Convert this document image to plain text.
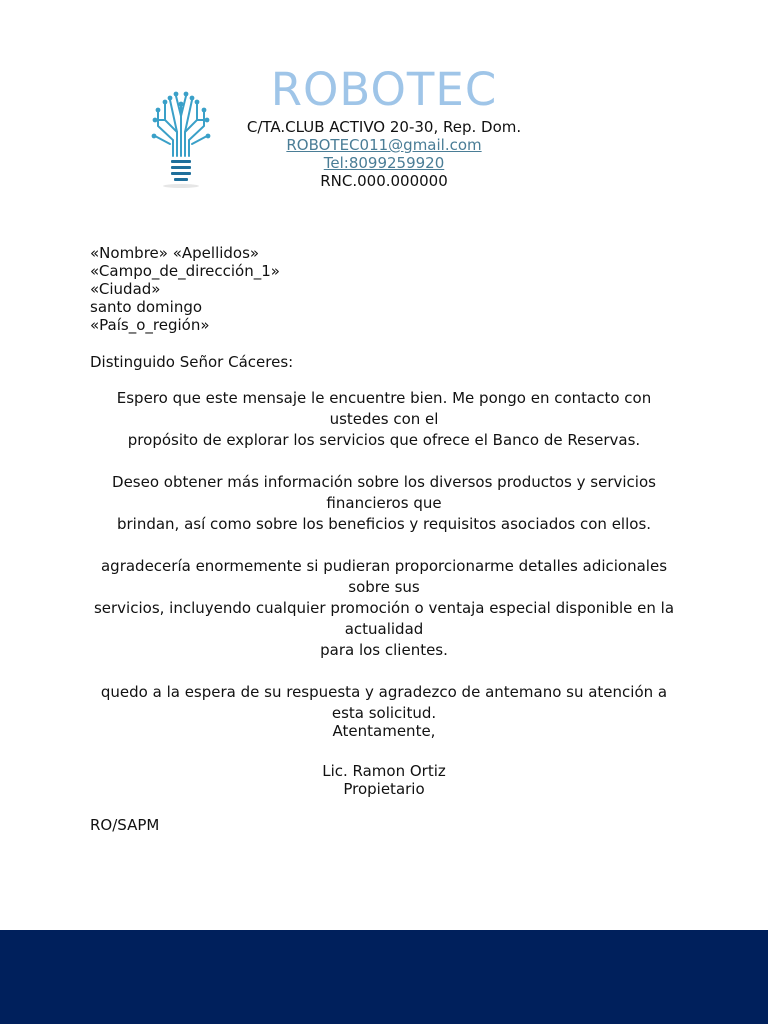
ROBOTEC
C/TA.CLUB ACTIVO 20-30, Rep. Dom.
ROBOTEC011@gmail.com
Tel:8099259920
RNC.000.000000
«Nombre» «Apellidos»
«Campo_de_dirección_1»
«Ciudad»
santo domingo
«País_o_región»
Distinguido Señor Cáceres:

Espero que este mensaje le encuentre bien. Me pongo en contacto con
ustedes con el
propósito de explorar los servicios que ofrece el Banco de Reservas.

Deseo obtener más información sobre los diversos productos y servicios
financieros que
brindan, así como sobre los beneficios y requisitos asociados con ellos.

agradecería enormemente si pudieran proporcionarme detalles adicionales
sobre sus
servicios, incluyendo cualquier promoción o ventaja especial disponible en la
actualidad
para los clientes.

quedo a la espera de su respuesta y agradezco de antemano su atención a
esta solicitud.

Atentamente,
Lic. Ramon Ortiz
Propietario
RO/SAPM
